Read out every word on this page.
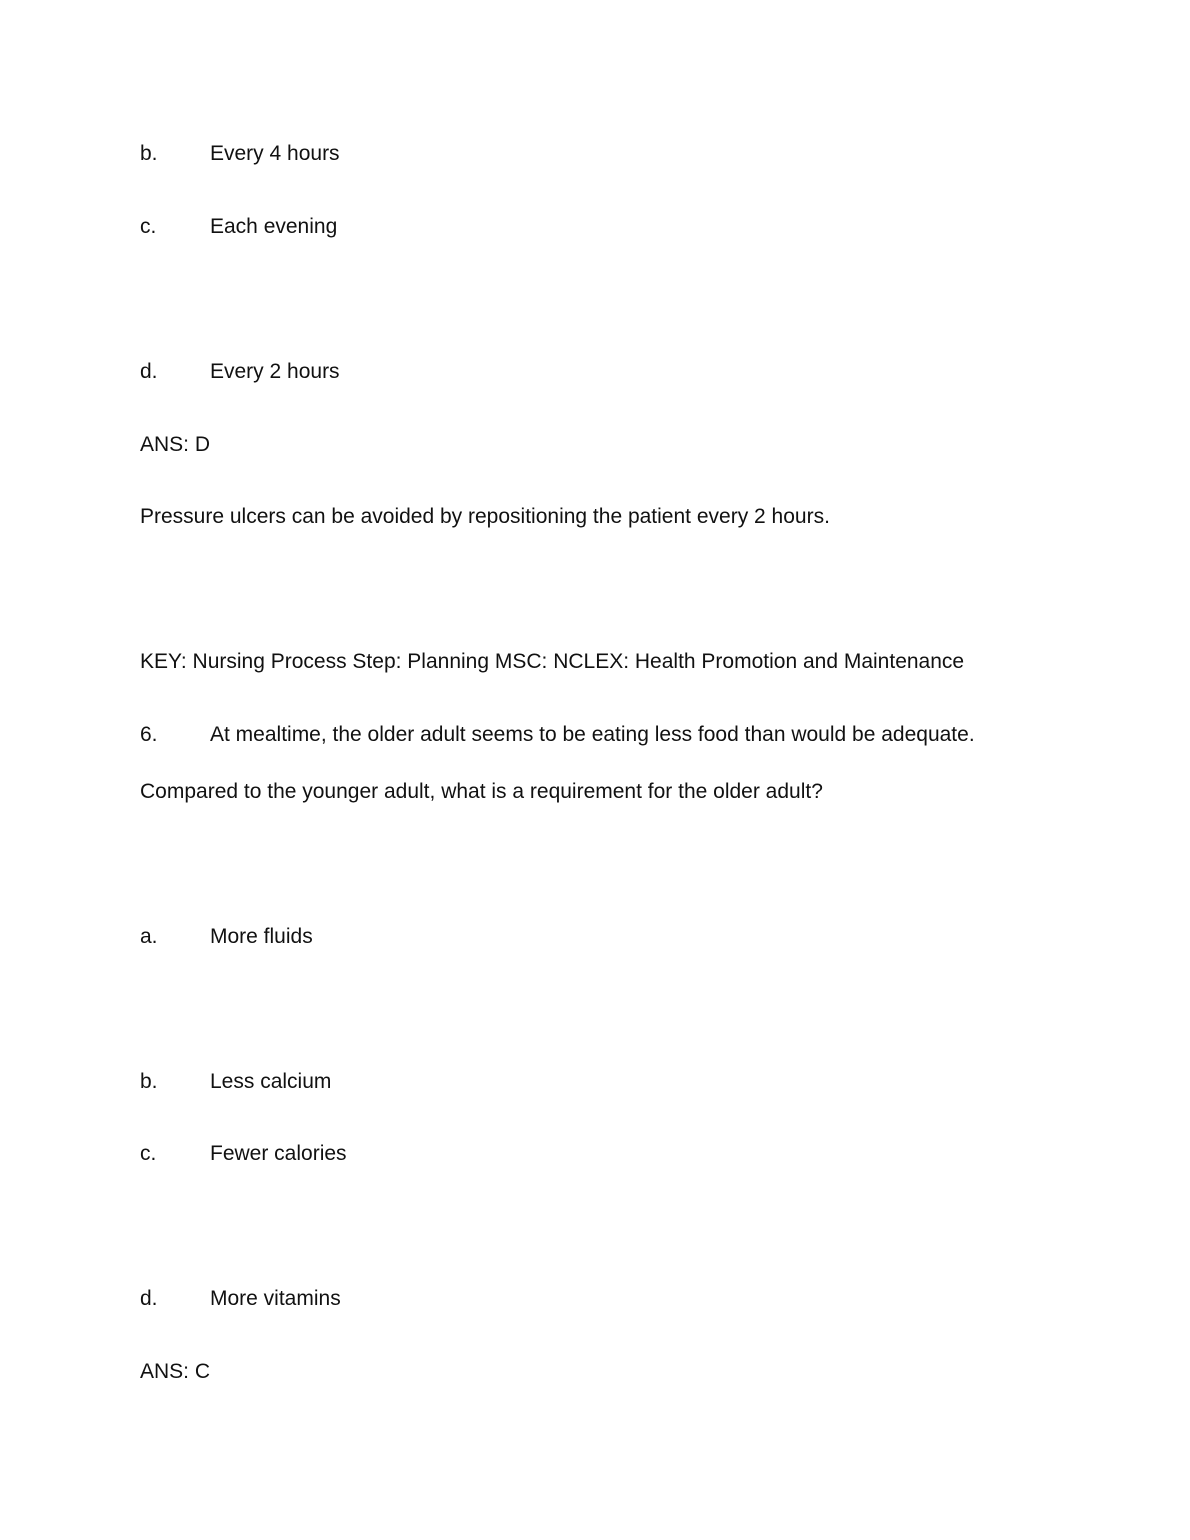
b. Every 4 hours
c.	Each evening
d. Every 2 hours
ANS: D
Pressure ulcers can be avoided by repositioning the patient every 2 hours.
KEY: Nursing Process Step: Planning MSC: NCLEX: Health Promotion and Maintenance
6. At mealtime, the older adult seems to be eating less food than would be adequate.
Compared to the younger adult, what is a requirement for the older adult?
a. More fluids
b. Less calcium
c.	Fewer calories
d. More vitamins
ANS: C
